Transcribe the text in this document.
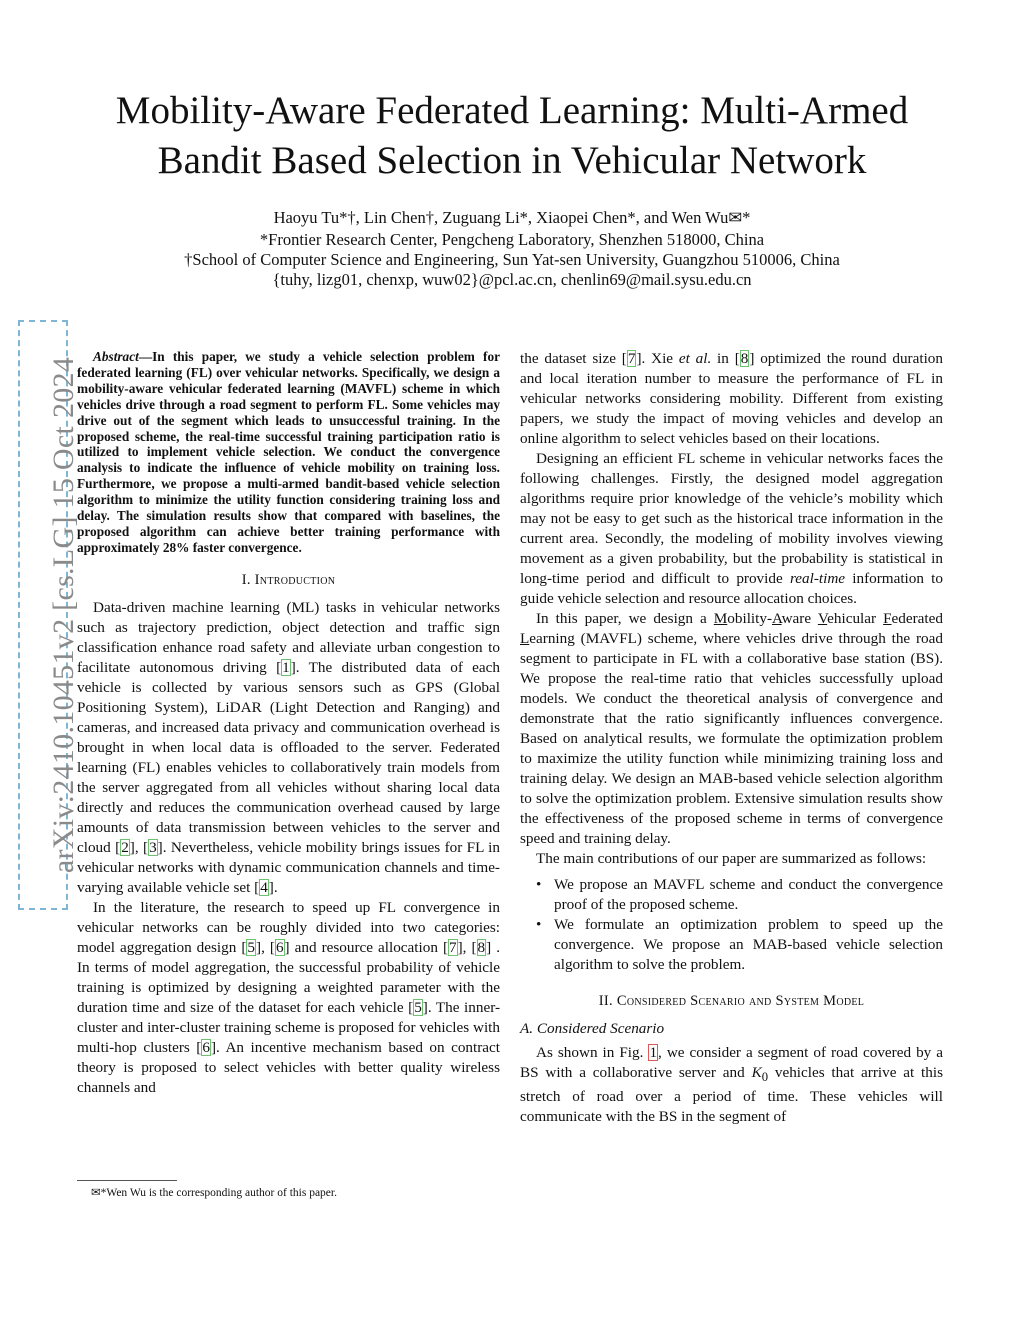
Mobility-Aware Federated Learning: Multi-Armed
Bandit Based Selection in Vehicular Network
Haoyu Tu*†, Lin Chen†, Zuguang Li*, Xiaopei Chen*, and Wen Wu✉*
*Frontier Research Center, Pengcheng Laboratory, Shenzhen 518000, China
†School of Computer Science and Engineering, Sun Yat-sen University, Guangzhou 510006, China
{tuhy, lizg01, chenxp, wuw02}@pcl.ac.cn, chenlin69@mail.sysu.edu.cn
arXiv:2410.10451v2 [cs.LG] 15 Oct 2024

Abstract—In this paper, we study a vehicle selection problem for federated learning (FL) over vehicular networks. Specifically, we design a mobility-aware vehicular federated learning (MAVFL) scheme in which vehicles drive through a road segment to perform FL. Some vehicles may drive out of the segment which leads to unsuccessful training. In the proposed scheme, the real-time successful training participation ratio is utilized to implement vehicle selection. We conduct the convergence analysis to indicate the influence of vehicle mobility on training loss. Furthermore, we propose a multi-armed bandit-based vehicle selection algorithm to minimize the utility function considering training loss and delay. The simulation results show that compared with baselines, the proposed algorithm can achieve better training performance with approximately 28% faster convergence.

I. Introduction

Data-driven machine learning (ML) tasks in vehicular networks such as trajectory prediction, object detection and traffic sign classification enhance road safety and alleviate urban congestion to facilitate autonomous driving [1]. The distributed data of each vehicle is collected by various sensors such as GPS (Global Positioning System), LiDAR (Light Detection and Ranging) and cameras, and increased data privacy and communication overhead is brought in when local data is offloaded to the server. Federated learning (FL) enables vehicles to collaboratively train models from the server aggregated from all vehicles without sharing local data directly and reduces the communication overhead caused by large amounts of data transmission between vehicles to the server and cloud [2], [3]. Nevertheless, vehicle mobility brings issues for FL in vehicular networks with dynamic communication channels and time-varying available vehicle set [4].

In the literature, the research to speed up FL convergence in vehicular networks can be roughly divided into two categories: model aggregation design [5], [6] and resource allocation [7], [8] . In terms of model aggregation, the successful probability of vehicle training is optimized by designing a weighted parameter with the duration time and size of the dataset for each vehicle [5]. The inner-cluster and inter-cluster training scheme is proposed for vehicles with multi-hop clusters [6]. An incentive mechanism based on contract theory is proposed to select vehicles with better quality wireless channels and

✉*Wen Wu is the corresponding author of this paper.

the dataset size [7]. Xie et al. in [8] optimized the round duration and local iteration number to measure the performance of FL in vehicular networks considering mobility. Different from existing papers, we study the impact of moving vehicles and develop an online algorithm to select vehicles based on their locations.

Designing an efficient FL scheme in vehicular networks faces the following challenges. Firstly, the designed model aggregation algorithms require prior knowledge of the vehicle’s mobility which may not be easy to get such as the historical trace information in the current area. Secondly, the modeling of mobility involves viewing movement as a given probability, but the probability is statistical in long-time period and difficult to provide real-time information to guide vehicle selection and resource allocation choices.

In this paper, we design a Mobility-Aware Vehicular Federated Learning (MAVFL) scheme, where vehicles drive through the road segment to participate in FL with a collaborative base station (BS). We propose the real-time ratio that vehicles successfully upload models. We conduct the theoretical analysis of convergence and demonstrate that the ratio significantly influences convergence. Based on analytical results, we formulate the optimization problem to maximize the utility function while minimizing training loss and training delay. We design an MAB-based vehicle selection algorithm to solve the optimization problem. Extensive simulation results show the effectiveness of the proposed scheme in terms of convergence speed and training delay.

The main contributions of our paper are summarized as follows:

• We propose an MAVFL scheme and conduct the convergence proof of the proposed scheme.
• We formulate an optimization problem to speed up the convergence. We propose an MAB-based vehicle selection algorithm to solve the problem.
II. Considered Scenario and System Model
A. Considered Scenario

As shown in Fig. 1, we consider a segment of road covered by a BS with a collaborative server and $K_0$ vehicles that arrive at this stretch of road over a period of time. These vehicles will communicate with the BS in the segment of
